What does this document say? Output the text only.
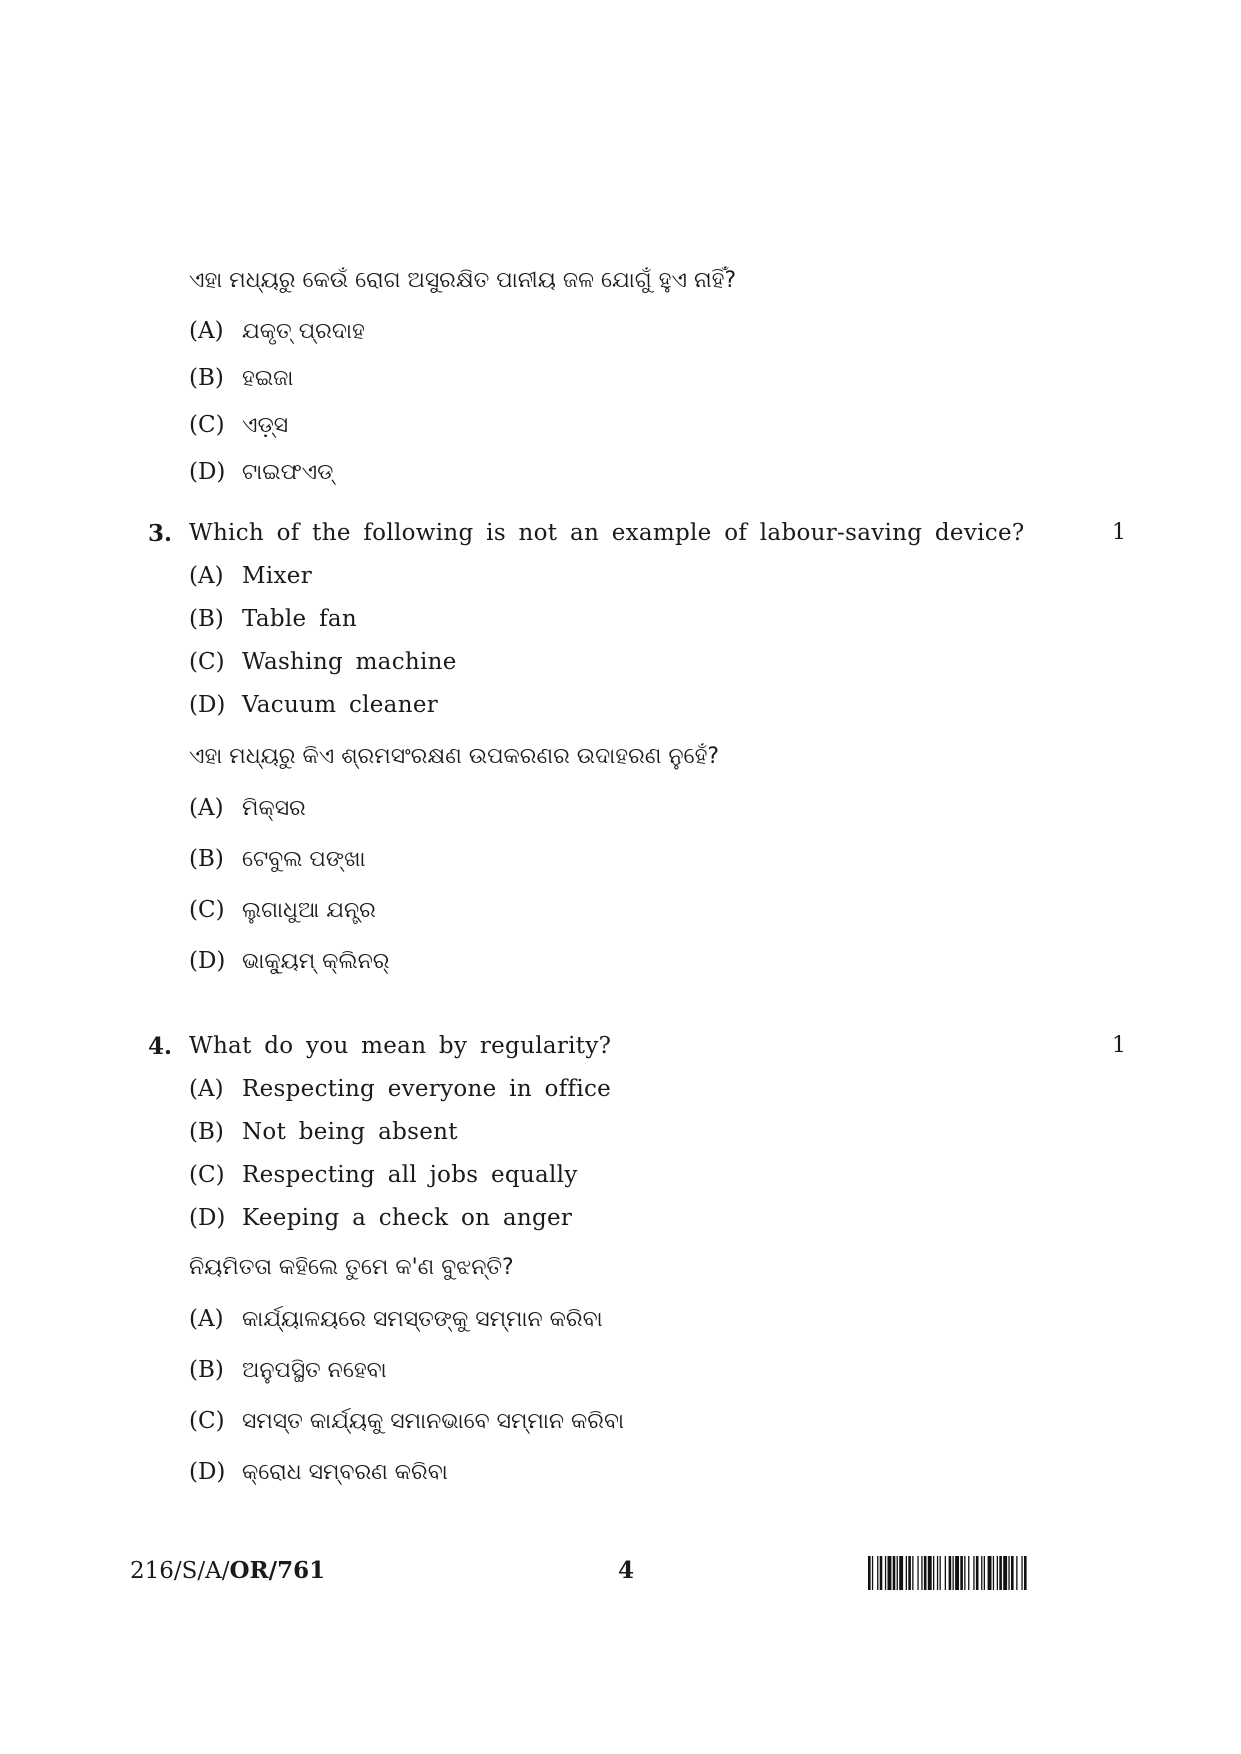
ଏହା ମଧ୍ୟରୁ କେଉଁ ରୋଗ ଅସୁରକ୍ଷିତ ପାନୀୟ ଜଳ ଯୋଗୁଁ ହୁଏ ନାହିଁ?
(A) ଯକୃତ୍ ପ୍ରଦାହ
(B) ହଇଜା
(C) ଏଡ଼୍ସ
(D) ଟାଇଫଏଡ୍
3. Which of the following is not an example of labour-saving device?	1
(A) Mixer
(B) Table fan
(C) Washing machine
(D) Vacuum cleaner
ଏହା ମଧ୍ୟରୁ କିଏ ଶ୍ରମସଂରକ୍ଷଣ ଉପକରଣର ଉଦାହରଣ ନୁହେଁ?
(A) ମିକ୍ସର
(B) ଟେବୁଲ ପଙ୍ଖା
(C) ଲୁଗାଧୁଆ ଯନ୍ତ୍ର
(D) ଭାକ୍ୟୁମ୍ କ୍ଲିନର୍
4. What do you mean by regularity?	1
(A) Respecting everyone in office
(B) Not being absent
(C) Respecting all jobs equally
(D) Keeping a check on anger
ନିୟମିତତା କହିଲେ ତୁମେ କ'ଣ ବୁଝନ୍ତି?
(A) କାର୍ଯ୍ୟାଳୟରେ ସମସ୍ତଙ୍କୁ ସମ୍ମାନ କରିବା
(B) ଅନୁପସ୍ଥିତ ନହେବା
(C) ସମସ୍ତ କାର୍ଯ୍ୟକୁ ସମାନଭାବେ ସମ୍ମାନ କରିବା
(D) କ୍ରୋଧ ସମ୍ବରଣ କରିବା
216/S/A/OR/761	4
